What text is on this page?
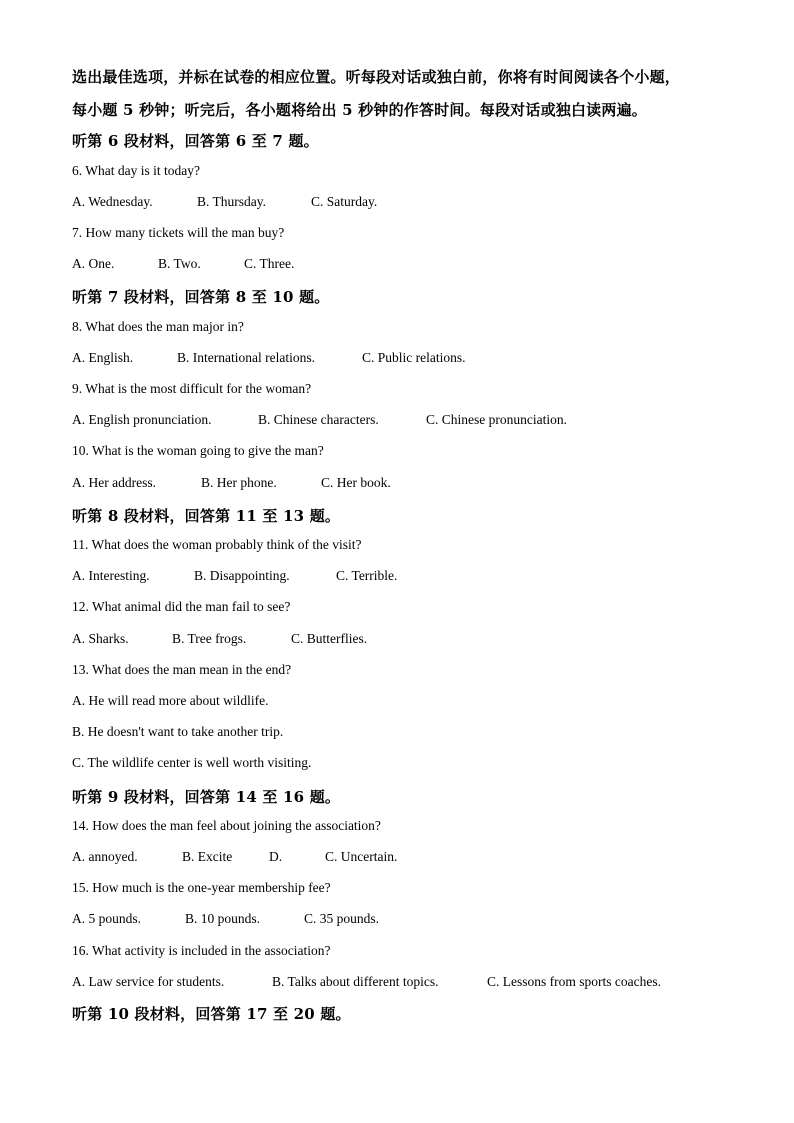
选出最佳选项，并标在试卷的相应位置。听每段对话或独白前，你将有时间阅读各个小题，
每小题 5 秒钟；听完后，各小题将给出 5 秒钟的作答时间。每段对话或独白读两遍。
听第 6 段材料，回答第 6 至 7 题。
6. What day is it today?
A. Wednesday.	B. Thursday.	C. Saturday.
7. How many tickets will the man buy?
A. One.	B. Two.	C. Three.
听第 7 段材料，回答第 8 至 10 题。
8. What does the man major in?
A. English.	B. International relations.	C. Public relations.
9. What is the most difficult for the woman?
A. English pronunciation.	B. Chinese characters.	C. Chinese pronunciation.
10. What is the woman going to give the man?
A. Her address.	B. Her phone.	C. Her book.
听第 8 段材料，回答第 11 至 13 题。
11. What does the woman probably think of the visit?
A. Interesting.	B. Disappointing.	C. Terrible.
12. What animal did the man fail to see?
A. Sharks.	B. Tree frogs.	C. Butterflies.
13. What does the man mean in the end?
A. He will read more about wildlife.
B. He doesn't want to take another trip.
C. The wildlife center is well worth visiting.
听第 9 段材料，回答第 14 至 16 题。
14. How does the man feel about joining the association?
A. annoyed.	B. Excite	D.	C. Uncertain.
15. How much is the one-year membership fee?
A. 5 pounds.	B. 10 pounds.	C. 35 pounds.
16. What activity is included in the association?
A. Law service for students.	B. Talks about different topics.	C. Lessons from sports coaches.
听第 10 段材料，回答第 17 至 20 题。
